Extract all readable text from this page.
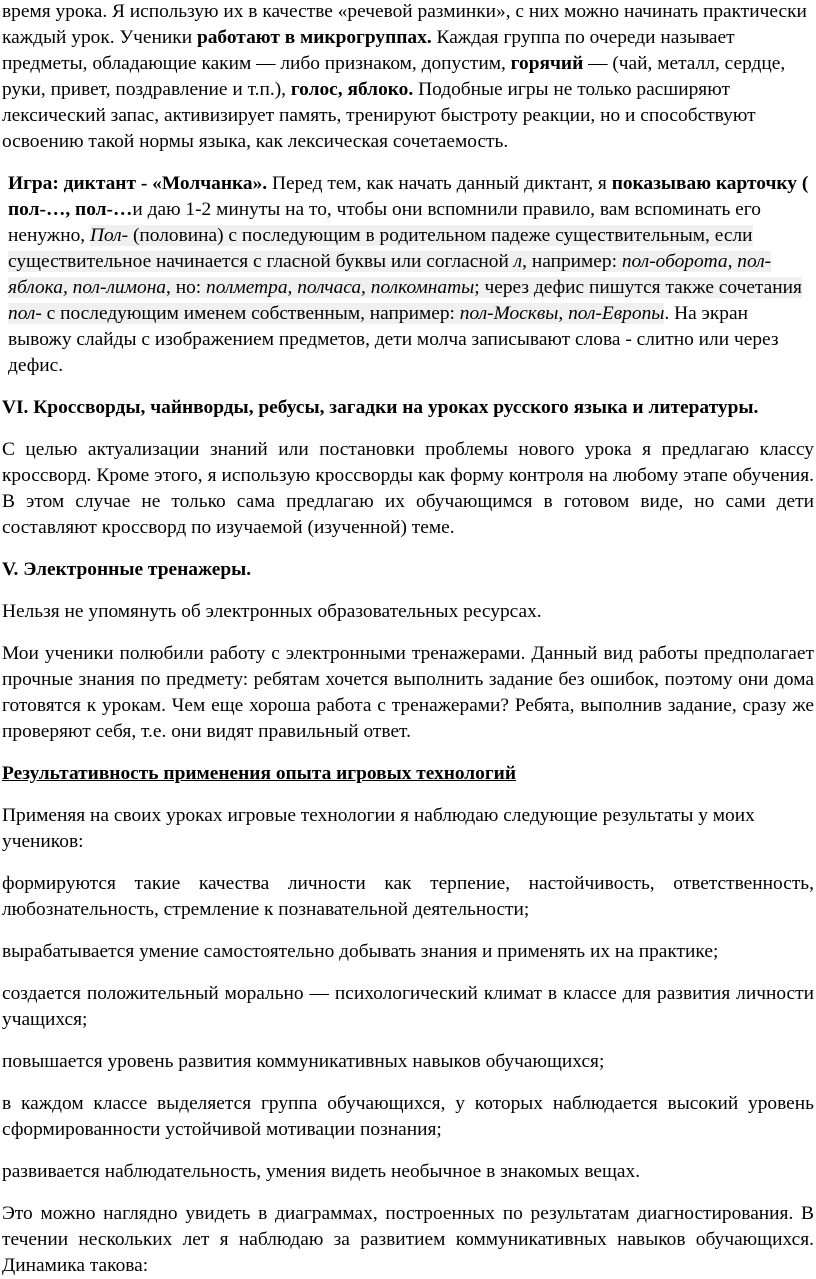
время урока. Я использую их в качестве «речевой разминки», с них можно начинать практически каждый урок. Ученики работают в микрогруппах. Каждая группа по очереди называет предметы, обладающие каким — либо признаком, допустим, горячий — (чай, металл, сердце, руки, привет, поздравление и т.п.), голос, яблоко. Подобные игры не только расширяют лексический запас, активизирует память, тренируют быстроту реакции, но и способствуют освоению такой нормы языка, как лексическая сочетаемость.

Игра: диктант - «Молчанка». Перед тем, как начать данный диктант, я показываю карточку ( пол-…, пол-…и даю 1-2 минуты на то, чтобы они вспомнили правило, вам вспоминать его ненужно, Пол- (половина) с последующим в родительном падеже существительным, если существительное начинается с гласной буквы или согласной л, например: пол-оборота, пол-яблока, пол-лимона, но: полметра, полчаса, полкомнаты; через дефис пишутся также сочетания пол- с последующим именем собственным, например: пол-Москвы, пол-Европы. На экран вывожу слайды с изображением предметов, дети молча записывают слова - слитно или через дефис.

VI. Кроссворды, чайнворды, ребусы, загадки на уроках русского языка и литературы.

С целью актуализации знаний или постановки проблемы нового урока я предлагаю классу кроссворд. Кроме этого, я использую кроссворды как форму контроля на любому этапе обучения. В этом случае не только сама предлагаю их обучающимся в готовом виде, но сами дети составляют кроссворд по изучаемой (изученной) теме.

V. Электронные тренажеры.

Нельзя не упомянуть об электронных образовательных ресурсах.

Мои ученики полюбили работу с электронными тренажерами. Данный вид работы предполагает прочные знания по предмету: ребятам хочется выполнить задание без ошибок, поэтому они дома готовятся к урокам. Чем еще хороша работа с тренажерами? Ребята, выполнив задание, сразу же проверяют себя, т.е. они видят правильный ответ.

Результативность применения опыта игровых технологий

Применяя на своих уроках игровые технологии я наблюдаю следующие результаты у моих учеников:

формируются такие качества личности как терпение, настойчивость, ответственность, любознательность, стремление к познавательной деятельности;

вырабатывается умение самостоятельно добывать знания и применять их на практике;

создается положительный морально — психологический климат в классе для развития личности учащихся;

повышается уровень развития коммуникативных навыков обучающихся;

в каждом классе выделяется группа обучающихся, у которых наблюдается высокий уровень сформированности устойчивой мотивации познания;

развивается наблюдательность, умения видеть необычное в знакомых вещах.

Это можно наглядно увидеть в диаграммах, построенных по результатам диагностирования. В течении нескольких лет я наблюдаю за развитием коммуникативных навыков обучающихся. Динамика такова:
